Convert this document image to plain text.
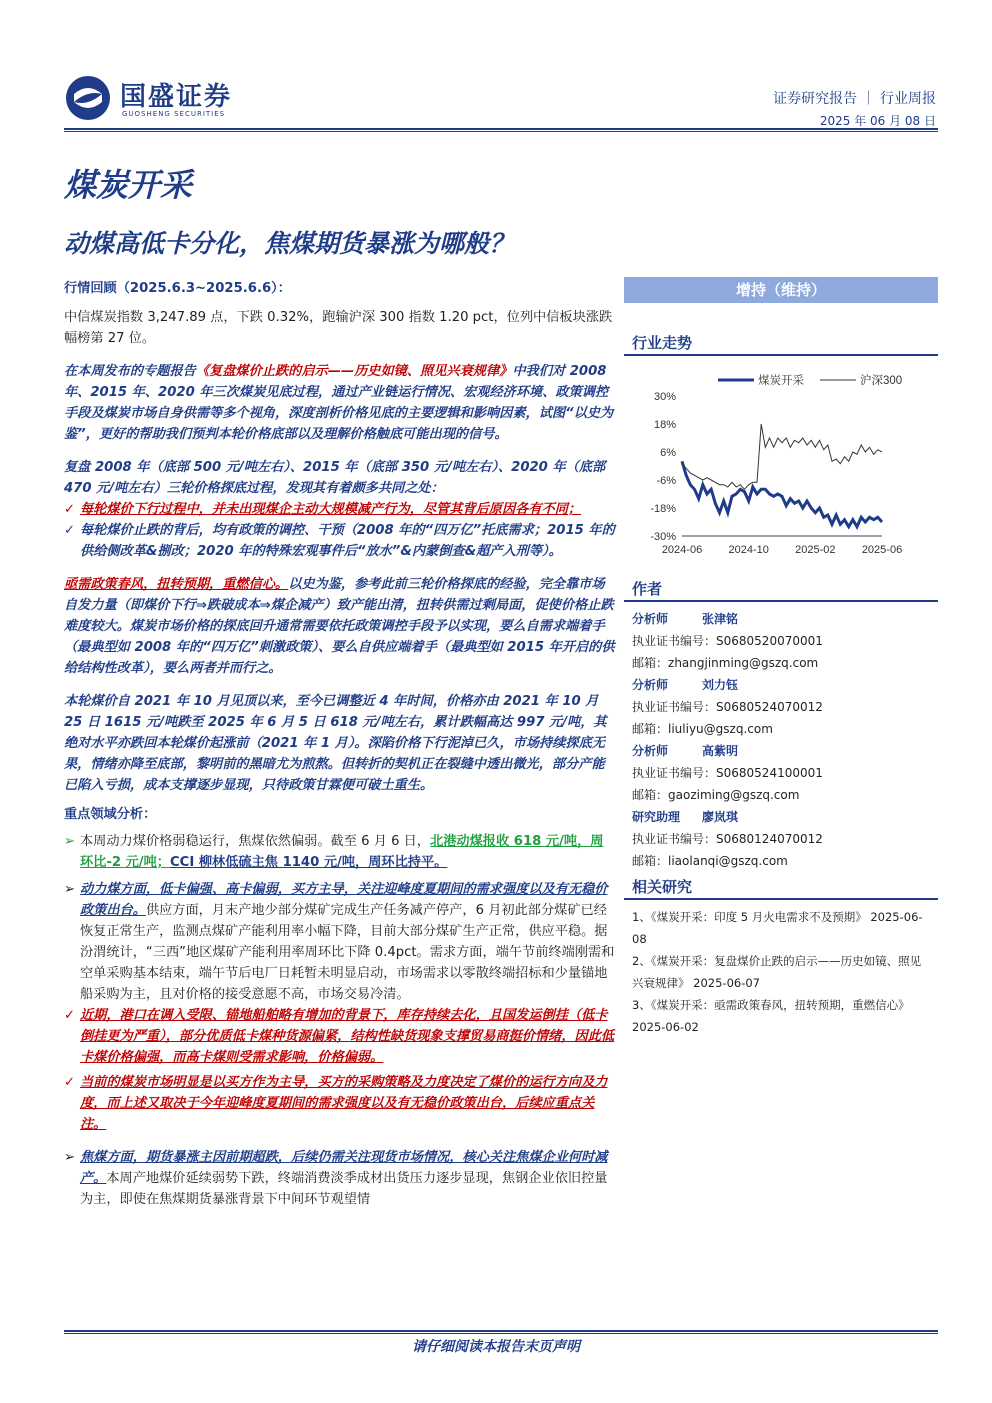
国盛证券
GUOSHENG SECURITIES
证券研究报告 ｜ 行业周报
2025 年 06 月 08 日
煤炭开采
动煤高低卡分化，焦煤期货暴涨为哪般？
行情回顾（2025.6.3~2025.6.6）：
中信煤炭指数 3,247.89 点，下跌 0.32%，跑输沪深 300 指数 1.20 pct，位列中信板块涨跌幅榜第 27 位。
在本周发布的专题报告《复盘煤价止跌的启示——历史如镜、照见兴衰规律》中我们对 2008 年、2015 年、2020 年三次煤炭见底过程，通过产业链运行情况、宏观经济环境、政策调控手段及煤炭市场自身供需等多个视角，深度剖析价格见底的主要逻辑和影响因素，试图“以史为鉴”，更好的帮助我们预判本轮价格底部以及理解价格触底可能出现的信号。
复盘 2008 年（底部 500 元/吨左右）、2015 年（底部 350 元/吨左右）、2020 年（底部 470 元/吨左右）三轮价格探底过程，发现其有着颇多共同之处：
✓ 每轮煤价下行过程中，并未出现煤企主动大规模减产行为，尽管其背后原因各有不同；
✓ 每轮煤价止跌的背后，均有政策的调控、干预（2008 年的“四万亿”托底需求；2015 年的供给侧改革&捌改；2020 年的特殊宏观事件后“放水”&内蒙倒查&超产入刑等）。
亟需政策春风，扭转预期，重燃信心。以史为鉴，参考此前三轮价格探底的经验，完全靠市场自发力量（即煤价下行⇒跌破成本⇒煤企减产）致产能出清，扭转供需过剩局面，促使价格止跌难度较大。煤炭市场价格的探底回升通常需要依托政策调控手段予以实现，要么自需求端着手（最典型如 2008 年的“四万亿”刺激政策）、要么自供应端着手（最典型如 2015 年开启的供给结构性改革），要么两者并而行之。
本轮煤价自 2021 年 10 月见顶以来，至今已调整近 4 年时间，价格亦由 2021 年 10 月 25 日 1615 元/吨跌至 2025 年 6 月 5 日 618 元/吨左右，累计跌幅高达 997 元/吨，其绝对水平亦跌回本轮煤价起涨前（2021 年 1 月）。深陷价格下行泥淖已久，市场持续探底无果，情绪亦降至底部，黎明前的黑暗尤为煎熬。但转折的契机正在裂缝中透出微光，部分产能已陷入亏损，成本支撑逐步显现，只待政策甘霖便可破土重生。
重点领域分析：
➢ 本周动力煤价格弱稳运行，焦煤依然偏弱。截至 6 月 6 日，北港动煤报收 618 元/吨，周环比-2 元/吨；CCI 柳林低硫主焦 1140 元/吨，周环比持平。
➢ 动力煤方面，低卡偏强、高卡偏弱，买方主导，关注迎峰度夏期间的需求强度以及有无稳价政策出台。供应方面，月末产地少部分煤矿完成生产任务减产停产，6 月初此部分煤矿已经恢复正常生产，监测点煤矿产能利用率小幅下降，目前大部分煤矿生产正常，供应平稳。据汾渭统计，“三西”地区煤矿产能利用率周环比下降 0.4pct。需求方面，端午节前终端刚需和空单采购基本结束，端午节后电厂日耗暂未明显启动，市场需求以零散终端招标和少量锚地船采购为主，且对价格的接受意愿不高，市场交易冷清。
✓ 近期，港口在调入受限、锚地船舶略有增加的背景下，库存持续去化，且国发运倒挂（低卡倒挂更为严重），部分优质低卡煤种货源偏紧，结构性缺货现象支撑贸易商挺价情绪，因此低卡煤价格偏强，而高卡煤则受需求影响，价格偏弱。
✓ 当前的煤炭市场明显是以买方作为主导，买方的采购策略及力度决定了煤价的运行方向及力度，而上述又取决于今年迎峰度夏期间的需求强度以及有无稳价政策出台，后续应重点关注。
➢ 焦煤方面，期货暴涨主因前期超跌，后续仍需关注现货市场情况，核心关注焦煤企业何时减产。本周产地煤价延续弱势下跌，终端消费淡季成材出货压力逐步显现，焦钢企业依旧控量为主，即使在焦煤期货暴涨背景下中间环节观望情
增持（维持）
行业走势
30%
18%
6%
-6%
-18%
-30%
2024-06 2024-10 2025-02 2025-06
煤炭开采	沪深300
作者
分析师	张津铭
执业证书编号：S0680520070001
邮箱：zhangjinming@gszq.com
分析师	刘力钰
执业证书编号：S0680524070012
邮箱：liuliyu@gszq.com
分析师	高紫明
执业证书编号：S0680524100001
邮箱：gaoziming@gszq.com
研究助理 廖岚琪
执业证书编号：S0680124070012
邮箱：liaolanqi@gszq.com
相关研究
1、《煤炭开采：印度 5 月火电需求不及预期》 2025-06-08
2、《煤炭开采：复盘煤价止跌的启示——历史如镜、照见兴衰规律》 2025-06-07
3、《煤炭开采：亟需政策春风，扭转预期，重燃信心》 2025-06-02
请仔细阅读本报告末页声明
